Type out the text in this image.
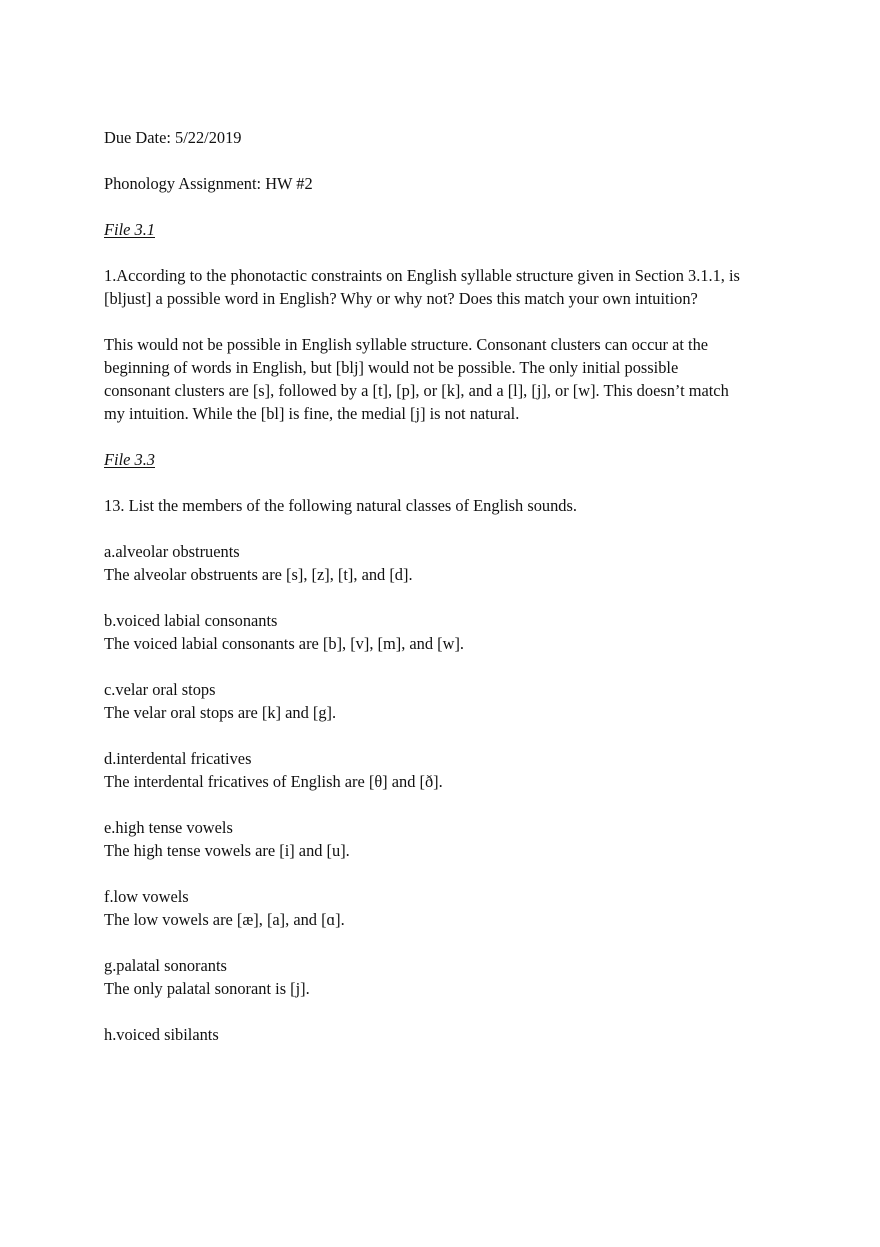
Due Date: 5/22/2019

Phonology Assignment: HW #2

File 3.1

1.According to the phonotactic constraints on English syllable structure given in Section 3.1.1, is
[bljust] a possible word in English? Why or why not? Does this match your own intuition?

This would not be possible in English syllable structure. Consonant clusters can occur at the
beginning of words in English, but [blj] would not be possible. The only initial possible
consonant clusters are [s], followed by a [t], [p], or [k], and a [l], [j], or [w]. This doesn’t match
my intuition. While the [bl] is fine, the medial [j] is not natural.

File 3.3

13. List the members of the following natural classes of English sounds.

a.alveolar obstruents
The alveolar obstruents are [s], [z], [t], and [d].
b.voiced labial consonants
The voiced labial consonants are [b], [v], [m], and [w].
c.velar oral stops
The velar oral stops are [k] and [g].
d.interdental fricatives
The interdental fricatives of English are [θ] and [ð].
e.high tense vowels
The high tense vowels are [i] and [u].
f.low vowels
The low vowels are [æ], [a], and [ɑ].
g.palatal sonorants
The only palatal sonorant is [j].
h.voiced sibilants
